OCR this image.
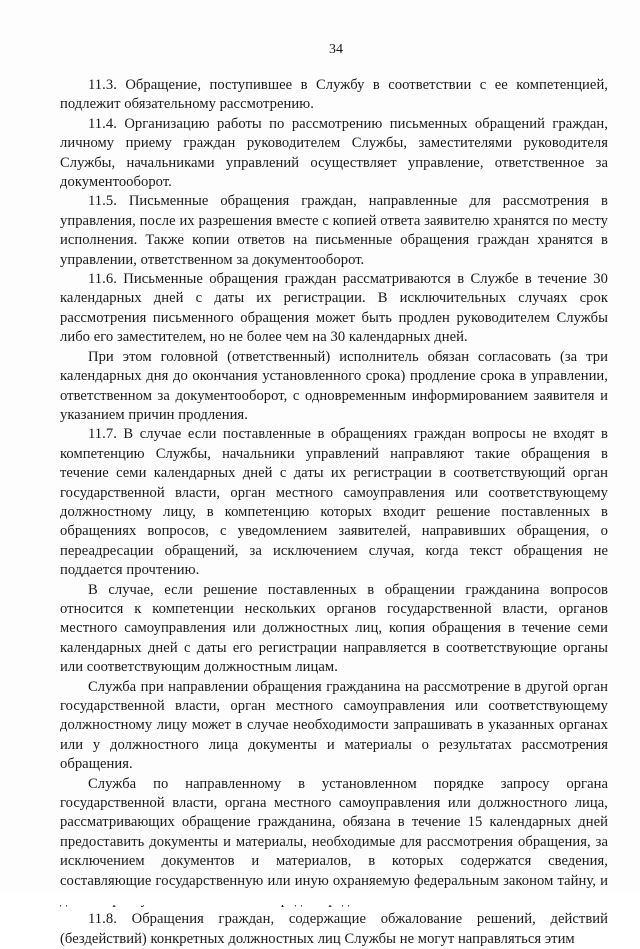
34

11.3. Обращение, поступившее в Службу в соответствии с ее компетенцией, подлежит обязательному рассмотрению.

11.4. Организацию работы по рассмотрению письменных обращений граждан, личному приему граждан руководителем Службы, заместителями руководителя Службы, начальниками управлений осуществляет управление, ответственное за документооборот.

11.5. Письменные обращения граждан, направленные для рассмотрения в управления, после их разрешения вместе с копией ответа заявителю хранятся по месту исполнения. Также копии ответов на письменные обращения граждан хранятся в управлении, ответственном за документооборот.

11.6. Письменные обращения граждан рассматриваются в Службе в течение 30 календарных дней с даты их регистрации. В исключительных случаях срок рассмотрения письменного обращения может быть продлен руководителем Службы либо его заместителем, но не более чем на 30 календарных дней.

При этом головной (ответственный) исполнитель обязан согласовать (за три календарных дня до окончания установленного срока) продление срока в управлении, ответственном за документооборот, с одновременным информированием заявителя и указанием причин продления.

11.7. В случае если поставленные в обращениях граждан вопросы не входят в компетенцию Службы, начальники управлений направляют такие обращения в течение семи календарных дней с даты их регистрации в соответствующий орган государственной власти, орган местного самоуправления или соответствующему должностному лицу, в компетенцию которых входит решение поставленных в обращениях вопросов, с уведомлением заявителей, направивших обращения, о переадресации обращений, за исключением случая, когда текст обращения не поддается прочтению.

В случае, если решение поставленных в обращении гражданина вопросов относится к компетенции нескольких органов государственной власти, органов местного самоуправления или должностных лиц, копия обращения в течение семи календарных дней с даты его регистрации направляется в соответствующие органы или соответствующим должностным лицам.

Служба при направлении обращения гражданина на рассмотрение в другой орган государственной власти, орган местного самоуправления или соответствующему должностному лицу может в случае необходимости запрашивать в указанных органах или у должностного лица документы и материалы о результатах рассмотрения обращения.

Служба по направленному в установленном порядке запросу органа государственной власти, органа местного самоуправления или должностного лица, рассматривающих обращение гражданина, обязана в течение 15 календарных дней предоставить документы и материалы, необходимые для рассмотрения обращения, за исключением документов и материалов, в которых содержатся сведения, составляющие государственную или иную охраняемую федеральным законом тайну, и

11.8. Обращения граждан, содержащие обжалование решений, действий (бездействий) конкретных должностных лиц Службы не могут направляться этим
